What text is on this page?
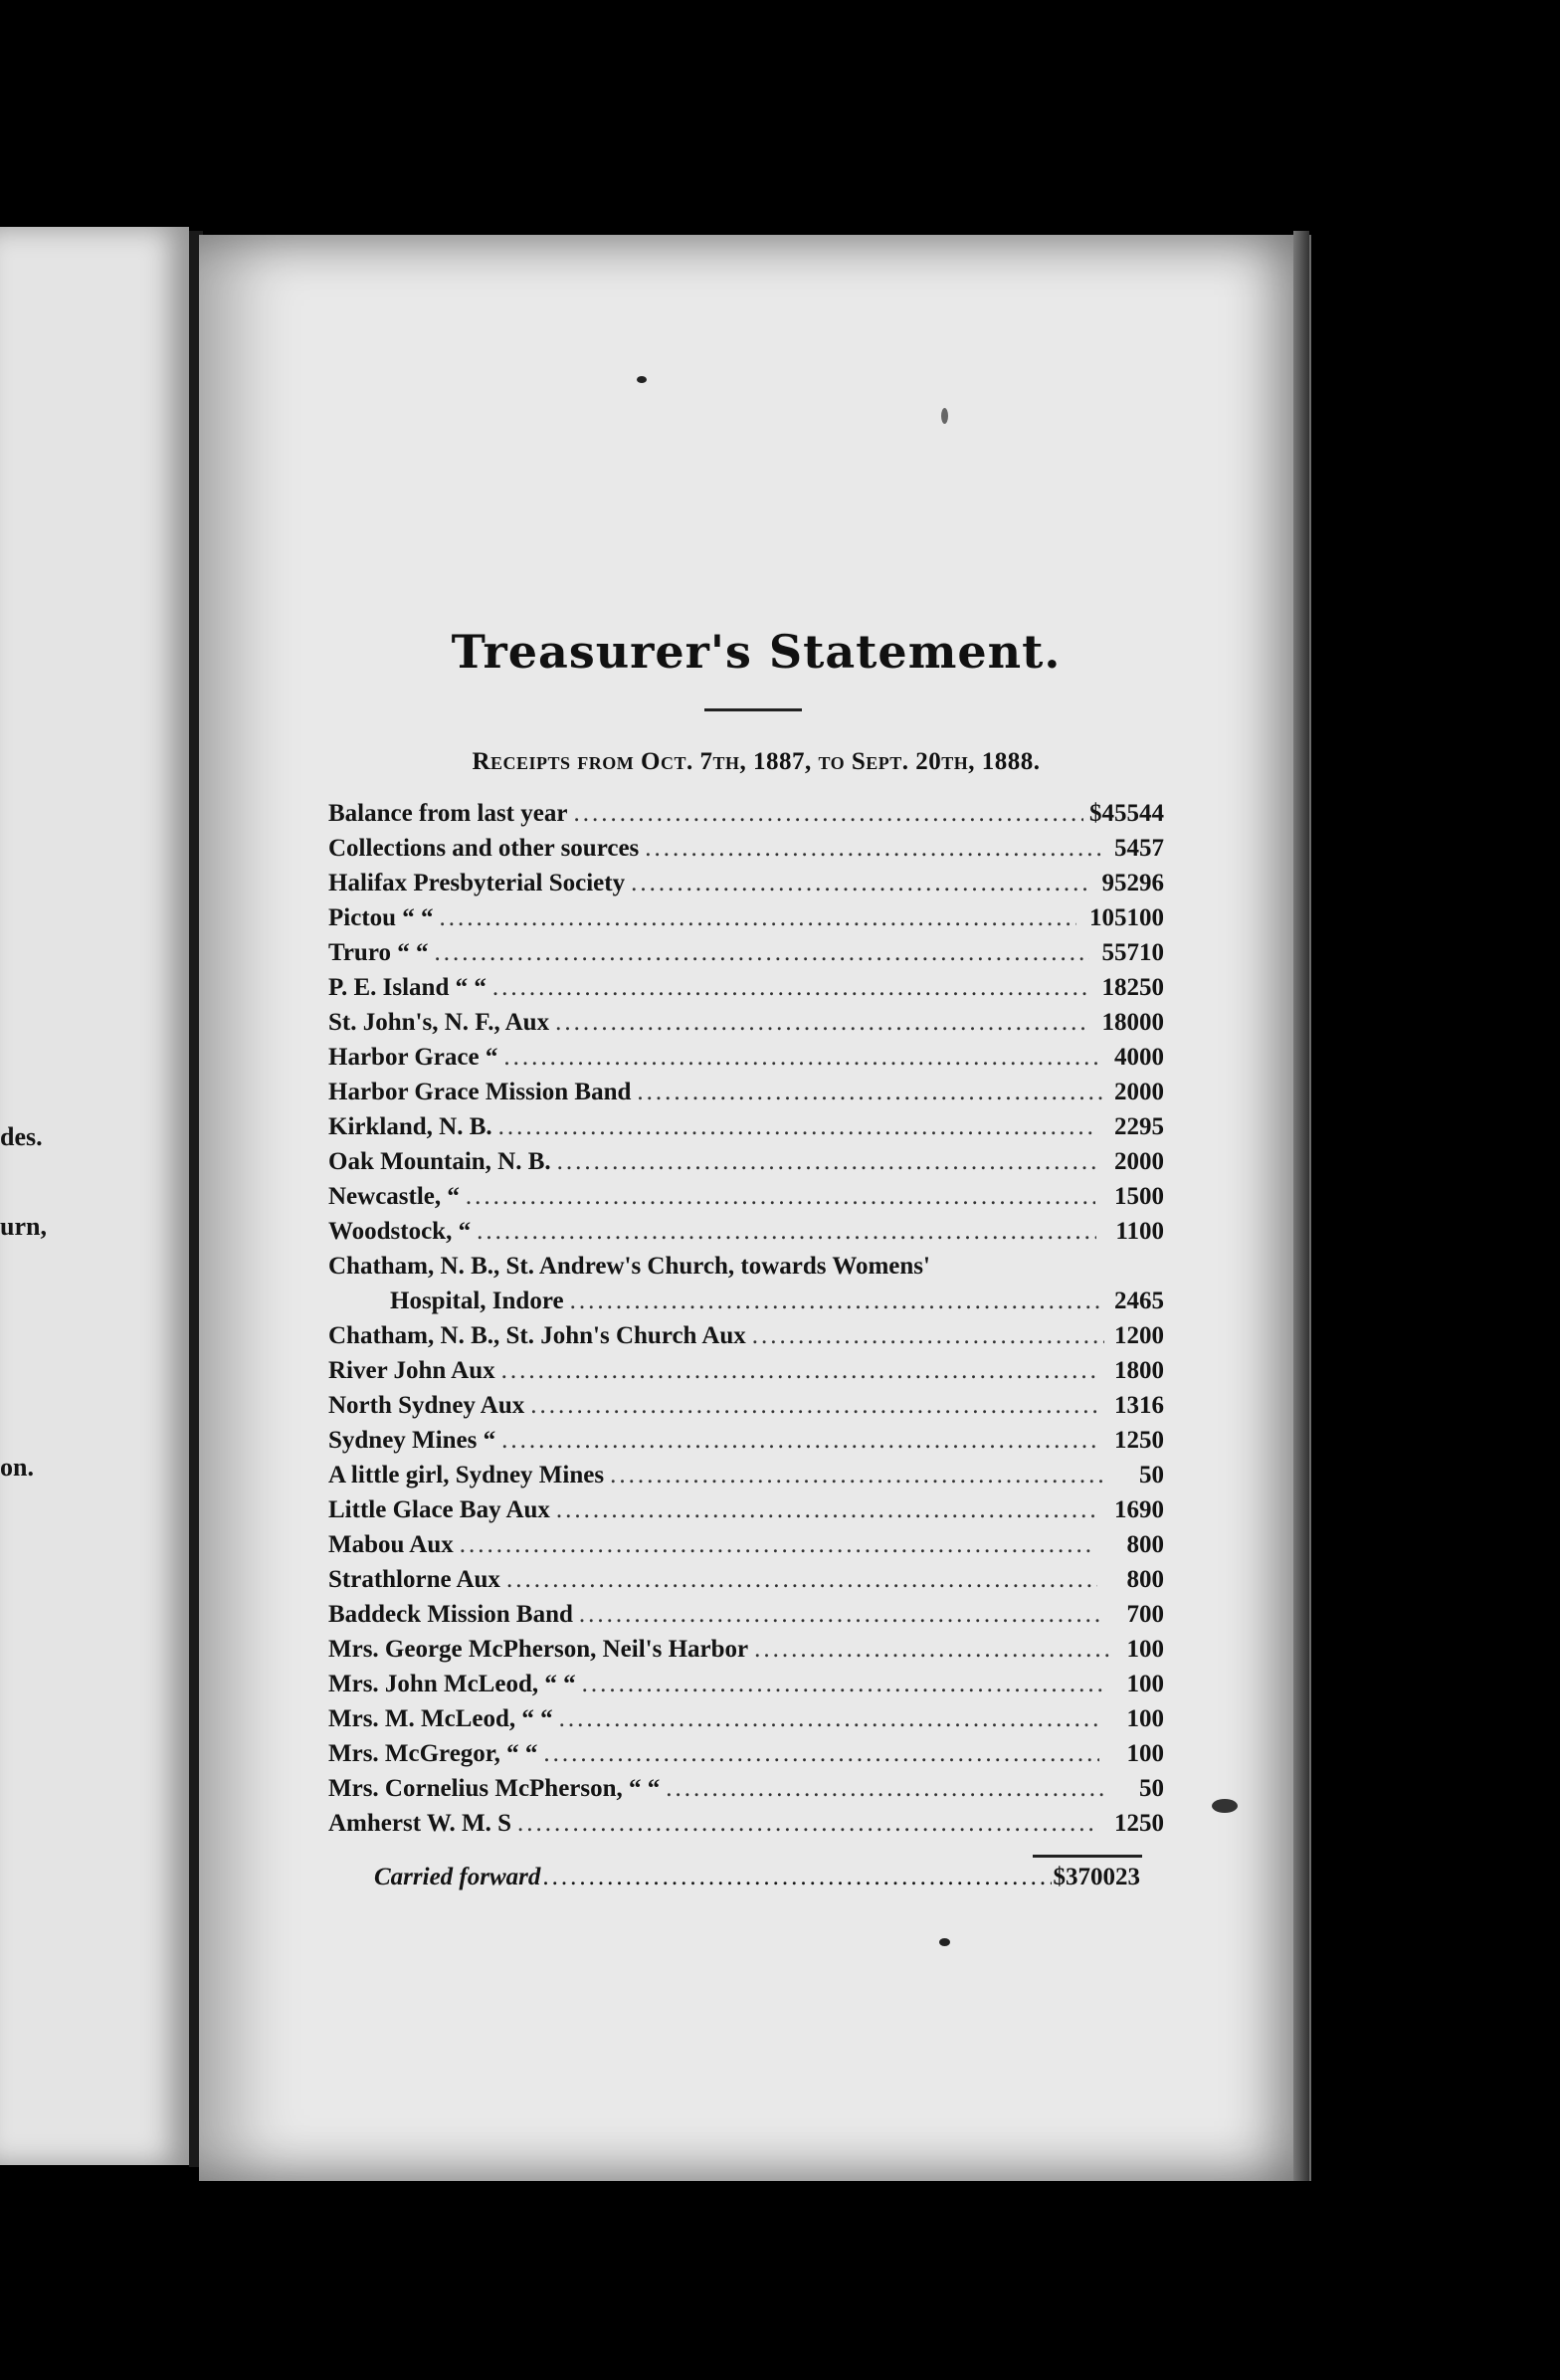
des.
urn,
on.
Treasurer's Statement.
Receipts from Oct. 7th, 1887, to Sept. 20th, 1888.
Balance from last year .....	$ 455 44
Collections and other sources .....	54 57
Halifax Presbyterial Society .....	952 96
Pictou “ “ .....	1051 00
Truro “ “ .....	557 10
P. E. Island “ “ .....	182 50
St. John's, N. F., Aux .....	180 00
Harbor Grace “ .....	40 00
Harbor Grace Mission Band .....	20 00
Kirkland, N. B. .....	22 95
Oak Mountain, N. B. .....	20 00
Newcastle, “ .....	15 00
Woodstock, “ .....	11 00
Chatham, N. B., St. Andrew's Church, towards Womens'
Hospital, Indore .....	24 65
Chatham, N. B., St. John's Church Aux .....	12 00
River John Aux .....	18 00
North Sydney Aux .....	13 16
Sydney Mines “ .....	12 50
A little girl, Sydney Mines .....	50
Little Glace Bay Aux .....	16 90
Mabou Aux .....	8 00
Strathlorne Aux .....	8 00
Baddeck Mission Band .....	7 00
Mrs. George McPherson, Neil's Harbor .....	1 00
Mrs. John McLeod, “ “ .....	1 00
Mrs. M. McLeod, “ “ .....	1 00
Mrs. McGregor, “ “ .....	1 00
Mrs. Cornelius McPherson, “ “ .....	50
Amherst W. M. S .....	12 50
Carried forward .....	$ 3700 23
